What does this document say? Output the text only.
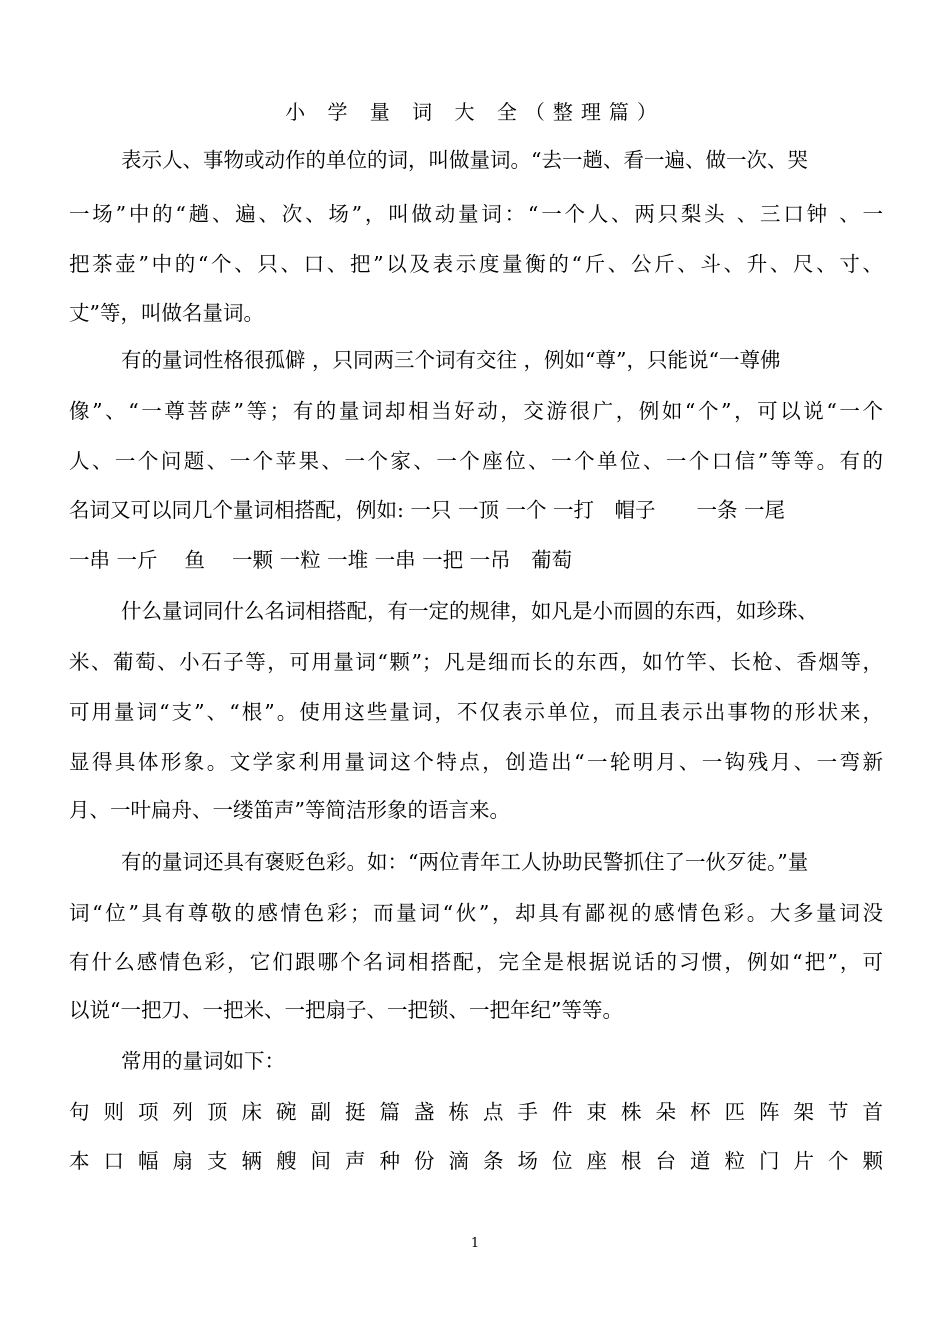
小 学 量 词 大 全（整理篇）
表示人、事物或动作的单位的词，叫做量词。“去一趟、看一遍、做一次、哭
一场”中的“趟、遍、次、场”，叫做动量词：“一个人、两只梨头 、三口钟 、一
把茶壶”中的“个、只、口、把”以及表示度量衡的“斤、公斤、斗、升、尺、寸、
丈”等，叫做名量词。
有的量词性格很孤僻 ，只同两三个词有交往 ，例如“尊”，只能说“一尊佛
像”、“一尊菩萨”等；有的量词却相当好动，交游很广，例如“个”，可以说“一个
人、一个问题、一个苹果、一个家、一个座位、一个单位、一个口信”等等。有的
名词又可以同几个量词相搭配，例如: 一只 一顶 一个 一打　帽子　　一条 一尾
一串 一斤　 鱼　 一颗 一粒 一堆 一串 一把 一吊　葡萄
什么量词同什么名词相搭配，有一定的规律，如凡是小而圆的东西，如珍珠、
米、葡萄、小石子等，可用量词“颗”；凡是细而长的东西，如竹竿、长枪、香烟等，
可用量词“支”、“根”。使用这些量词，不仅表示单位，而且表示出事物的形状来，
显得具体形象。文学家利用量词这个特点，创造出“一轮明月、一钩残月、一弯新
月、一叶扁舟、一缕笛声”等简洁形象的语言来。
有的量词还具有褒贬色彩。如：“两位青年工人协助民警抓住了一伙歹徒。”量
词“位”具有尊敬的感情色彩；而量词“伙”，却具有鄙视的感情色彩。大多量词没
有什么感情色彩，它们跟哪个名词相搭配，完全是根据说话的习惯，例如“把”，可
以说“一把刀、一把米、一把扇子、一把锁、一把年纪”等等。
常用的量词如下：
句 则 项 列 顶 床 碗 副 挺 篇 盏 栋 点 手 件 束 株 朵 杯 匹 阵 架 节 首
本 口 幅 扇 支 辆 艘 间 声 种 份 滴 条 场 位 座 根 台 道 粒 门 片 个 颗
1
